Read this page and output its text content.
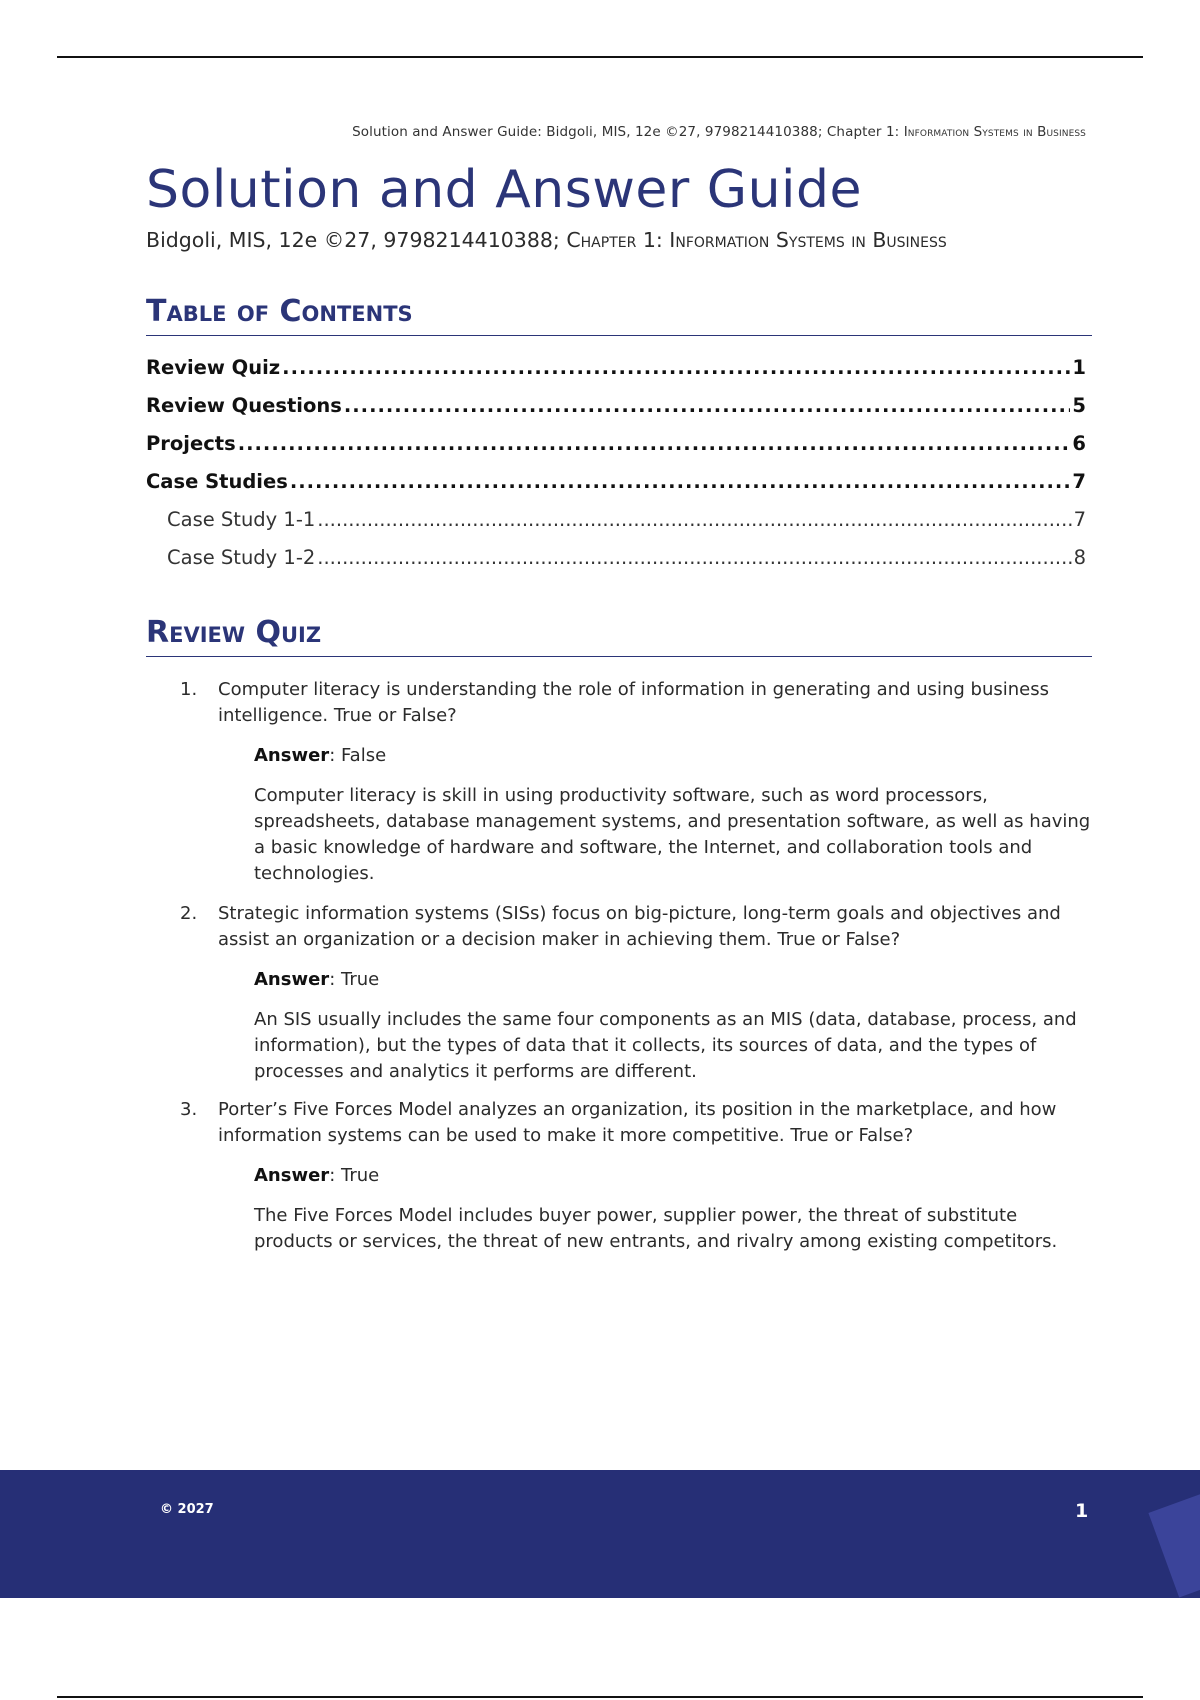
Solution and Answer Guide: Bidgoli, MIS, 12e ©27, 9798214410388; Chapter 1: Information Systems in Business
Solution and Answer Guide
Bidgoli, MIS, 12e ©27, 9798214410388; Chapter 1: Information Systems in Business
Table of Contents
Review Quiz .....	1
Review Questions .....	5
Projects .....	6
Case Studies .....	7
Case Study 1-1 .....	7
Case Study 1-2 .....	8
Review Quiz
1. Computer literacy is understanding the role of information in generating and using business intelligence. True or False?

Answer: False

Computer literacy is skill in using productivity software, such as word processors, spreadsheets, database management systems, and presentation software, as well as having a basic knowledge of hardware and software, the Internet, and collaboration tools and technologies.

2. Strategic information systems (SISs) focus on big-picture, long-term goals and objectives and assist an organization or a decision maker in achieving them. True or False?

Answer: True

An SIS usually includes the same four components as an MIS (data, database, process, and information), but the types of data that it collects, its sources of data, and the types of processes and analytics it performs are different.

3. Porter’s Five Forces Model analyzes an organization, its position in the marketplace, and how information systems can be used to make it more competitive. True or False?

Answer: True

The Five Forces Model includes buyer power, supplier power, the threat of substitute products or services, the threat of new entrants, and rivalry among existing competitors.

© 2027	1
